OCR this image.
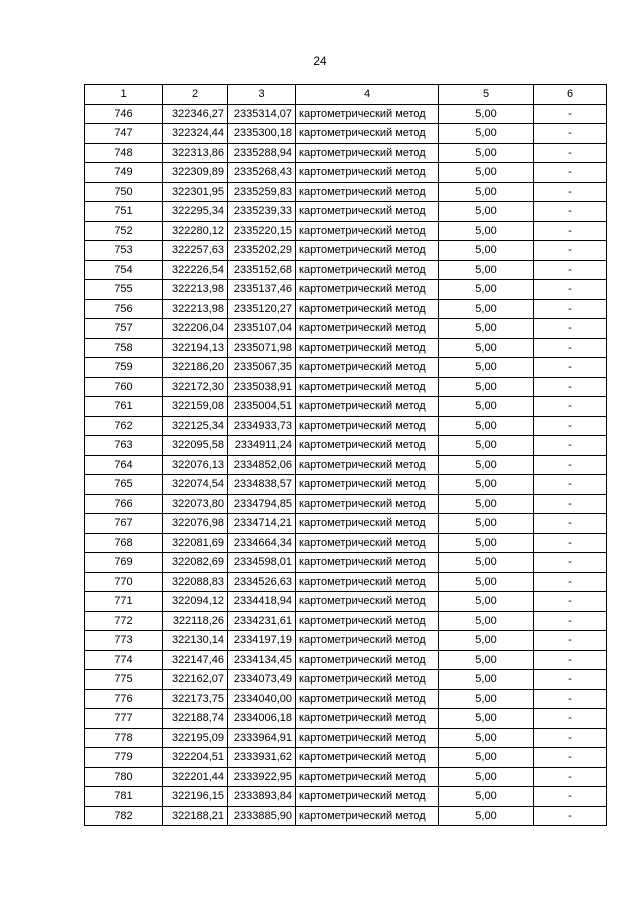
24
1	2	3	4	5	6
746	322346,27	2335314,07	картометрический метод	5,00	-
747	322324,44	2335300,18	картометрический метод	5,00	-
748	322313,86	2335288,94	картометрический метод	5,00	-
749	322309,89	2335268,43	картометрический метод	5,00	-
750	322301,95	2335259,83	картометрический метод	5,00	-
751	322295,34	2335239,33	картометрический метод	5,00	-
752	322280,12	2335220,15	картометрический метод	5,00	-
753	322257,63	2335202,29	картометрический метод	5,00	-
754	322226,54	2335152,68	картометрический метод	5,00	-
755	322213,98	2335137,46	картометрический метод	5,00	-
756	322213,98	2335120,27	картометрический метод	5,00	-
757	322206,04	2335107,04	картометрический метод	5,00	-
758	322194,13	2335071,98	картометрический метод	5,00	-
759	322186,20	2335067,35	картометрический метод	5,00	-
760	322172,30	2335038,91	картометрический метод	5,00	-
761	322159,08	2335004,51	картометрический метод	5,00	-
762	322125,34	2334933,73	картометрический метод	5,00	-
763	322095,58	2334911,24	картометрический метод	5,00	-
764	322076,13	2334852,06	картометрический метод	5,00	-
765	322074,54	2334838,57	картометрический метод	5,00	-
766	322073,80	2334794,85	картометрический метод	5,00	-
767	322076,98	2334714,21	картометрический метод	5,00	-
768	322081,69	2334664,34	картометрический метод	5,00	-
769	322082,69	2334598,01	картометрический метод	5,00	-
770	322088,83	2334526,63	картометрический метод	5,00	-
771	322094,12	2334418,94	картометрический метод	5,00	-
772	322118,26	2334231,61	картометрический метод	5,00	-
773	322130,14	2334197,19	картометрический метод	5,00	-
774	322147,46	2334134,45	картометрический метод	5,00	-
775	322162,07	2334073,49	картометрический метод	5,00	-
776	322173,75	2334040,00	картометрический метод	5,00	-
777	322188,74	2334006,18	картометрический метод	5,00	-
778	322195,09	2333964,91	картометрический метод	5,00	-
779	322204,51	2333931,62	картометрический метод	5,00	-
780	322201,44	2333922,95	картометрический метод	5,00	-
781	322196,15	2333893,84	картометрический метод	5,00	-
782	322188,21	2333885,90	картометрический метод	5,00	-
